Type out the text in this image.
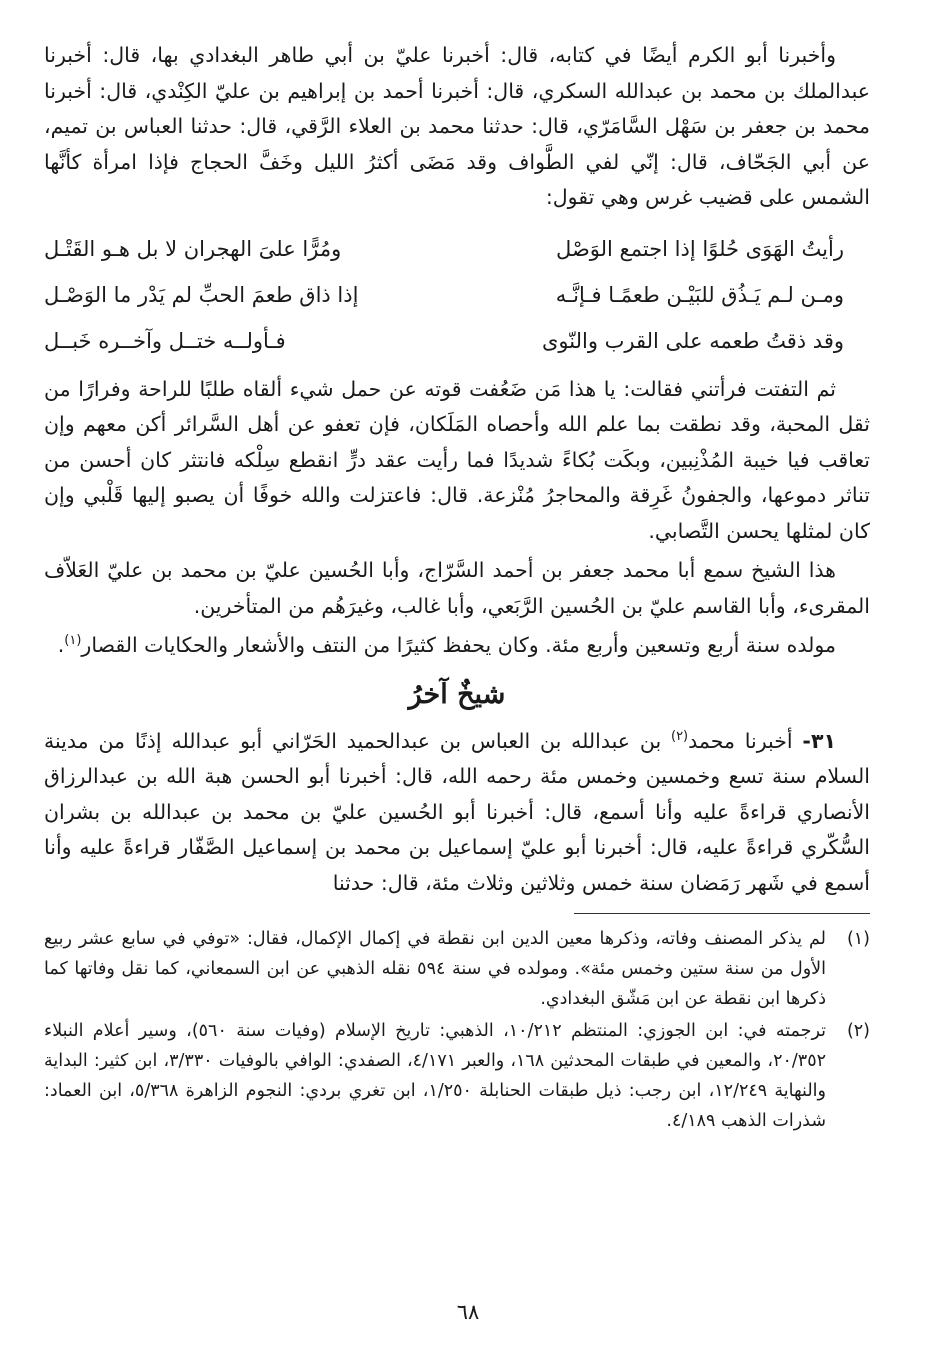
وأخبرنا أبو الكرم أيضًا في كتابه، قال: أخبرنا عليّ بن أبي طاهر البغدادي بها، قال: أخبرنا عبدالملك بن محمد بن عبدالله السكري، قال: أخبرنا أحمد بن إبراهيم بن عليّ الكِنْدي، قال: أخبرنا محمد بن جعفر بن سَهْل السَّامَرّي، قال: حدثنا محمد بن العلاء الرَّقي، قال: حدثنا العباس بن تميم، عن أبي الجَحّاف، قال: إنّي لفي الطَّواف وقد مَضَى أكثرُ الليل وخَفَّ الحجاج فإذا امرأة كأنَّها الشمس على قضيب غرس وهي تقول:

رأيتُ الهَوَى حُلوًا إذا اجتمع الوَصْل
ومُرًّا علىَ الهجران لا بل هـو القَتْـل
ومـن لـم يَـذُق للبَيْـن طعمًـا فـإنَّـه
إذا ذاق طعمَ الحبِّ لم يَدْر ما الوَصْـل
وقد ذقتُ طعمه على القرب والنّوى
فـأولــه ختــل وآخــره خَبــل

ثم التفتت فرأتني فقالت: يا هذا مَن ضَعُفت قوته عن حمل شيء ألقاه طلبًا للراحة وفرارًا من ثقل المحبة، وقد نطقت بما علم الله وأحصاه المَلَكان، فإن تعفو عن أهل السَّرائر أكن معهم وإن تعاقب فيا خيبة المُذْنِبين، وبكَت بُكاءً شديدًا فما رأيت عقد درٍّ انقطع سِلْكه فانتثر كان أحسن من تناثر دموعها، والجفونُ غَرِقة والمحاجرُ مُنْزعة. قال: فاعتزلت والله خوفًا أن يصبو إليها قَلْبي وإن كان لمثلها يحسن التَّصابي.

هذا الشيخ سمع أبا محمد جعفر بن أحمد السَّرّاج، وأبا الحُسين عليّ بن محمد بن عليّ العَلاّف المقرىء، وأبا القاسم عليّ بن الحُسين الرَّبَعي، وأبا غالب، وغيرَهُم من المتأخرين.

مولده سنة أربع وتسعين وأربع مئة. وكان يحفظ كثيرًا من النتف والأشعار والحكايات القصار$^{(١)}$.

شيخٌ آخرُ

٣١- أخبرنا محمد$^{(٢)}$ بن عبدالله بن العباس بن عبدالحميد الحَرّاني أبو عبدالله إذنًا من مدينة السلام سنة تسع وخمسين وخمس مئة رحمه الله، قال: أخبرنا أبو الحسن هبة الله بن عبدالرزاق الأنصاري قراءةً عليه وأنا أسمع، قال: أخبرنا أبو الحُسين عليّ بن محمد بن عبدالله بن بشران السُّكّري قراءةً عليه، قال: أخبرنا أبو عليّ إسماعيل بن محمد بن إسماعيل الصَّفّار قراءةً عليه وأنا أسمع في شَهر رَمَضان سنة خمس وثلاثين وثلاث مئة، قال: حدثنا

(١)
لم يذكر المصنف وفاته، وذكرها معين الدين ابن نقطة في إكمال الإكمال، فقال: «توفي في سابع عشر ربيع الأول من سنة ستين وخمس مئة». ومولده في سنة ٥٩٤ نقله الذهبي عن ابن السمعاني، كما نقل وفاتها كما ذكرها ابن نقطة عن ابن مَشّق البغدادي.
(٢)
ترجمته في: ابن الجوزي: المنتظم ١٠/٢١٢، الذهبي: تاريخ الإسلام (وفيات سنة ٥٦٠)، وسير أعلام النبلاء ٢٠/٣٥٢، والمعين في طبقات المحدثين ١٦٨، والعبر ٤/١٧١، الصفدي: الوافي بالوفيات ٣/٣٣٠، ابن كثير: البداية والنهاية ١٢/٢٤٩، ابن رجب: ذيل طبقات الحنابلة ١/٢٥٠، ابن تغري بردي: النجوم الزاهرة ٥/٣٦٨، ابن العماد: شذرات الذهب ٤/١٨٩.
٦٨
